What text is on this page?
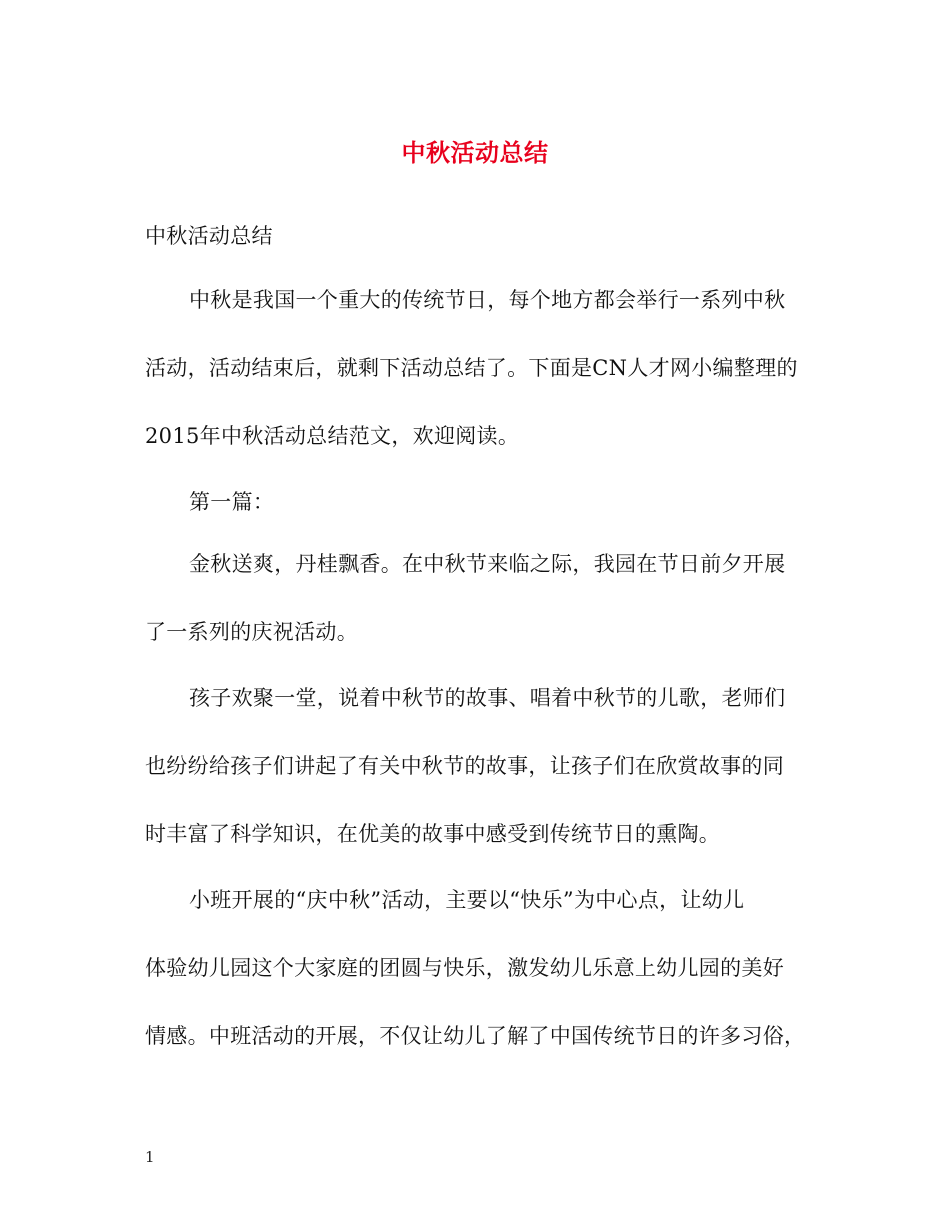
中秋活动总结
中秋活动总结
中秋是我国一个重大的传统节日，每个地方都会举行一系列中秋
活动，活动结束后，就剩下活动总结了。下面是CN人才网小编整理的
2015年中秋活动总结范文，欢迎阅读。
第一篇：
金秋送爽，丹桂飘香。在中秋节来临之际，我园在节日前夕开展
了一系列的庆祝活动。
孩子欢聚一堂，说着中秋节的故事、唱着中秋节的儿歌，老师们
也纷纷给孩子们讲起了有关中秋节的故事，让孩子们在欣赏故事的同
时丰富了科学知识，在优美的故事中感受到传统节日的熏陶。
小班开展的“庆中秋”活动，主要以“快乐”为中心点，让幼儿
体验幼儿园这个大家庭的团圆与快乐，激发幼儿乐意上幼儿园的美好
情感。中班活动的开展，不仅让幼儿了解了中国传统节日的许多习俗，
1
